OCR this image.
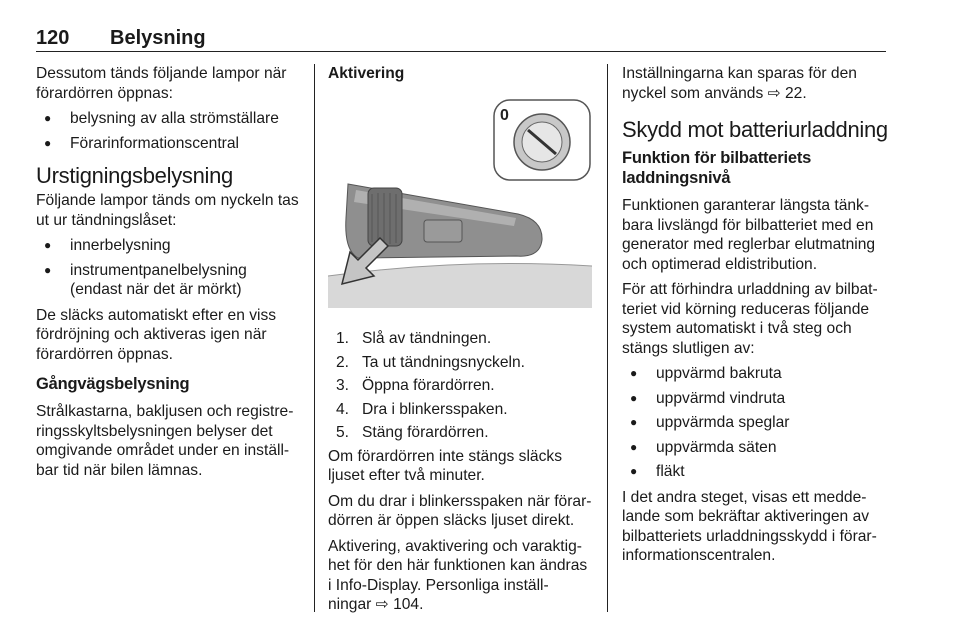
120 Belysning

Dessutom tänds följande lampor när förardörren öppnas:

● belysning av alla strömställare
● Förarinformationscentral
Urstigningsbelysning

Följande lampor tänds om nyckeln tas ut ur tändningslåset:

● innerbelysning
● instrumentpanelbelysning (endast när det är mörkt)

De släcks automatiskt efter en viss fördröjning och aktiveras igen när förardörren öppnas.

Gångvägsbelysning

Strålkastarna, bakljusen och registre-ringsskyltsbelysningen belyser det omgivande området under en inställ-bar tid när bilen lämnas.

Aktivering
0
1. Slå av tändningen.
2. Ta ut tändningsnyckeln.
3. Öppna förardörren.
4. Dra i blinkersspaken.
5. Stäng förardörren.

Om förardörren inte stängs släcks ljuset efter två minuter.

Om du drar i blinkersspaken när förar-dörren är öppen släcks ljuset direkt.

Aktivering, avaktivering och varaktig-het för den här funktionen kan ändras i Info-Display. Personliga inställ-ningar ⇨ 104.

Inställningarna kan sparas för den nyckel som används ⇨ 22.

Skydd mot batteriurladdning
Funktion för bilbatteriets laddningsnivå

Funktionen garanterar längsta tänk-bara livslängd för bilbatteriet med en generator med reglerbar elutmatning och optimerad eldistribution.

För att förhindra urladdning av bilbat-teriet vid körning reduceras följande system automatiskt i två steg och stängs slutligen av:

● uppvärmd bakruta
● uppvärmd vindruta
● uppvärmda speglar
● uppvärmda säten
● fläkt

I det andra steget, visas ett medde-lande som bekräftar aktiveringen av bilbatteriets urladdningsskydd i förar-informationscentralen.
